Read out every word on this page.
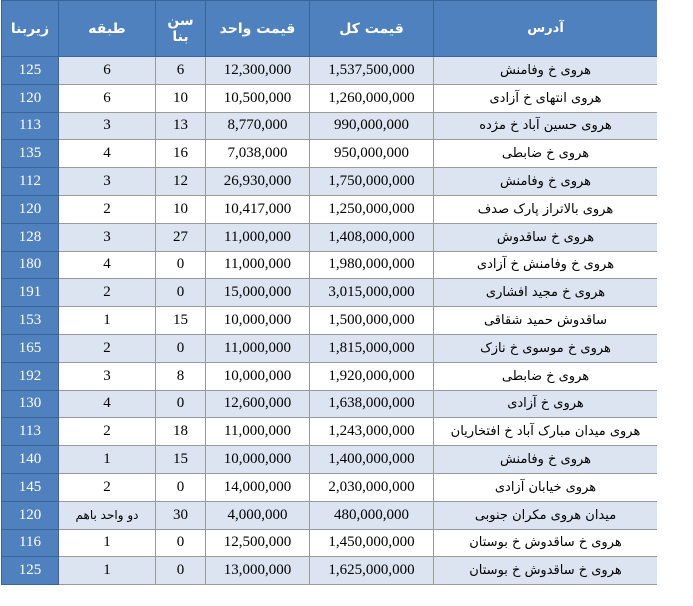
زیربنا	طبقه	سن بنا	قیمت واحد	قیمت کل	آدرس
125	6	6	12,300,000	1,537,500,000	هروی خ وفامنش
120	6	10	10,500,000	1,260,000,000	هروی انتهای خ آزادی
113	3	13	8,770,000	990,000,000	هروی حسین آباد خ مژده
135	4	16	7,038,000	950,000,000	هروی خ ضابطی
112	3	12	26,930,000	1,750,000,000	هروی خ وفامنش
120	2	10	10,417,000	1,250,000,000	هروی بالاتراز پارک صدف
128	3	27	11,000,000	1,408,000,000	هروی خ ساقدوش
180	4	0	11,000,000	1,980,000,000	هروی خ وفامنش خ آزادی
191	2	0	15,000,000	3,015,000,000	هروی خ مجید افشاری
153	1	15	10,000,000	1,500,000,000	ساقدوش حمید شقاقی
165	2	0	11,000,000	1,815,000,000	هروی خ موسوی خ نازک
192	3	8	10,000,000	1,920,000,000	هروی خ ضابطی
130	4	0	12,600,000	1,638,000,000	هروی خ آزادی
113	2	18	11,000,000	1,243,000,000	هروی میدان مبارک آباد خ افتخاریان
140	1	15	10,000,000	1,400,000,000	هروی خ وفامنش
145	2	0	14,000,000	2,030,000,000	هروی خیابان آزادی
120	دو واحد باهم	30	4,000,000	480,000,000	میدان هروی مکران جنوبی
116	1	0	12,500,000	1,450,000,000	هروی خ ساقدوش خ بوستان
125	1	0	13,000,000	1,625,000,000	هروی خ ساقدوش خ بوستان
